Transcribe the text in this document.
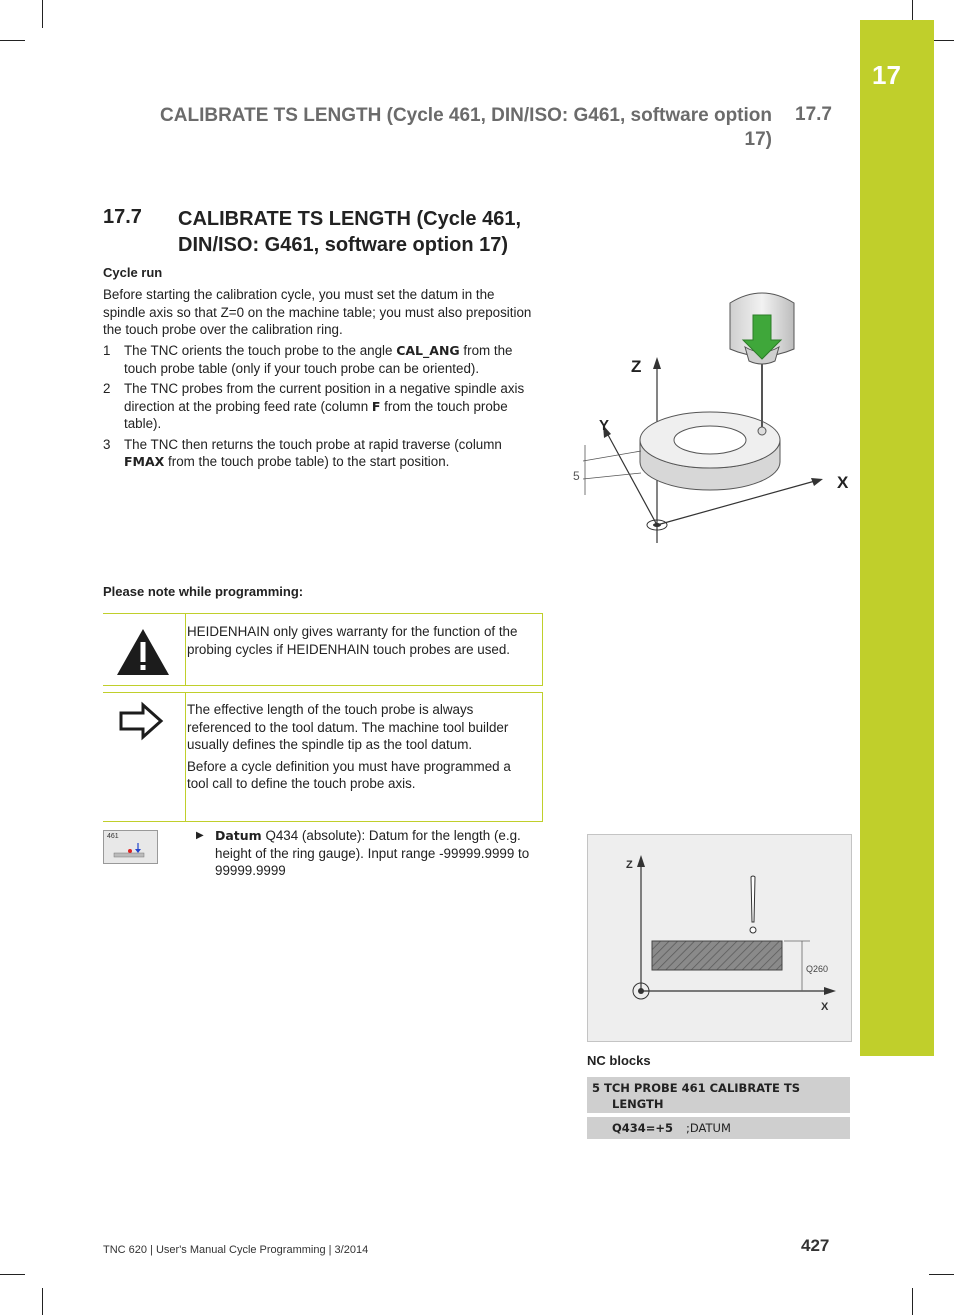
17
CALIBRATE TS LENGTH (Cycle 461, DIN/ISO: G461, software option
17)
17.7
17.7 CALIBRATE TS LENGTH (Cycle 461,
DIN/ISO: G461, software option 17)
Cycle run
Before starting the calibration cycle, you must set the datum in the spindle axis so that Z=0 on the machine table; you must also preposition the touch probe over the calibration ring.
1 The TNC orients the touch probe to the angle CAL_ANG from the touch probe table (only if your touch probe can be oriented).
2 The TNC probes from the current position in a negative spindle axis direction at the probing feed rate (column F from the touch probe table).
3 The TNC then returns the touch probe at rapid traverse (column FMAX from the touch probe table) to the start position.
Z
Y
X
5
Please note while programming:
HEIDENHAIN only gives warranty for the function of the probing cycles if HEIDENHAIN touch probes are used.
The effective length of the touch probe is always referenced to the tool datum. The machine tool builder usually defines the spindle tip as the tool datum.
Before a cycle definition you must have programmed a tool call to define the touch probe axis.
461	▶ Datum Q434 (absolute): Datum for the length (e.g. height of the ring gauge). Input range -99999.9999 to 99999.9999	Z
X
Q260
NC blocks
5 TCH PROBE 461 CALIBRATE TS
LENGTH
Q434=+5 ;DATUM
TNC 620 | User's Manual Cycle Programming | 3/2014	427
